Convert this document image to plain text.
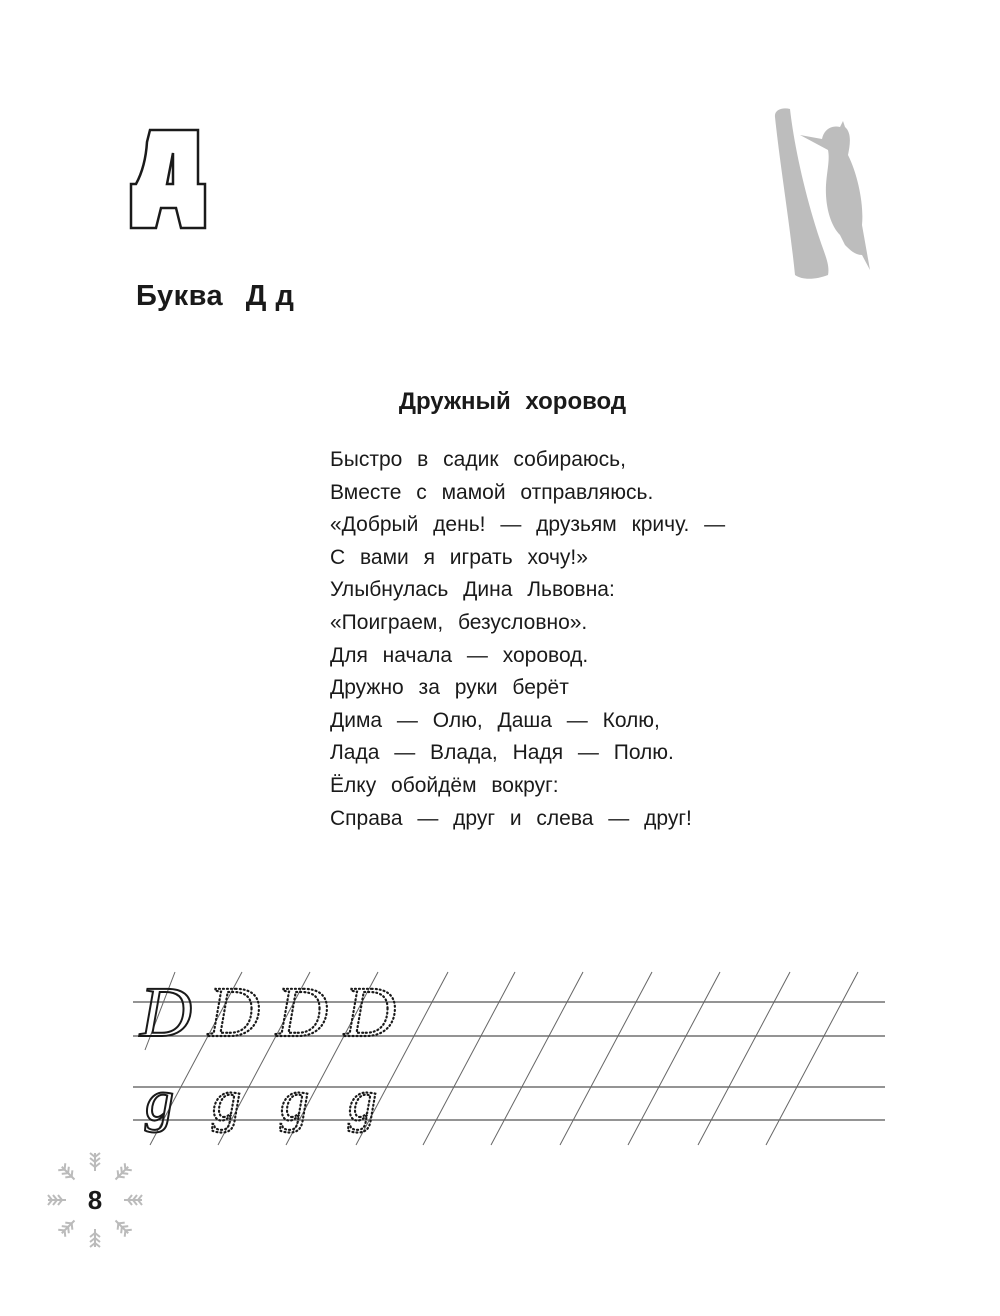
Буква Д д
Дружный хоровод
Быстро в садик собираюсь,
Вместе с мамой отправляюсь.
«Добрый день! — друзьям кричу. —
С вами я играть хочу!»
Улыбнулась Дина Львовна:
«Поиграем, безусловно».
Для начала — хоровод.
Дружно за руки берёт
Дима — Олю, Даша — Колю,
Лада — Влада, Надя — Полю.
Ёлку обойдём вокруг:
Справа — друг и слева — друг!
D
g
D D D
g g g
8
